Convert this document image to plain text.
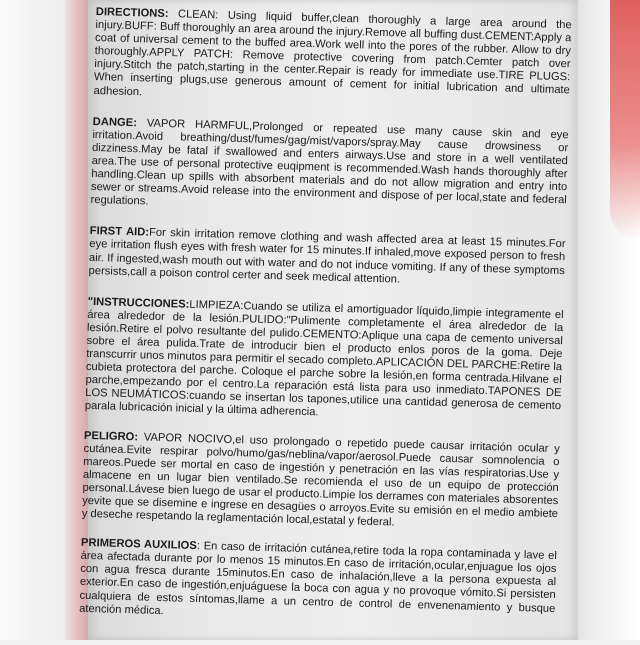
DIRECTIONS: CLEAN: Using liquid buffer,clean thoroughly a large area around the injury.BUFF: Buff thoroughly an area around the injury.Remove all buffing dust.CEMENT:Apply a coat of universal cement to the buffed area.Work well into the pores of the rubber. Allow to dry thoroughly.APPLY PATCH: Remove protective covering from patch.Cemter patch over injury.Stitch the patch,starting in the center.Repair is ready for immediate use.TIRE PLUGS: When inserting plugs,use generous amount of cement for initial lubrication and ultimate adhesion.

DANGE: VAPOR HARMFUL,Prolonged or repeated use many cause skin and eye irritation.Avoid breathing/dust/fumes/gag/mist/vapors/spray.May cause drowsiness or dizziness.May be fatal if swallowed and enters airways.Use and store in a well ventilated area.The use of personal protective euqipment is recommended.Wash hands thoroughly after handling.Clean up spills with absorbent materials and do not allow migration and entry into sewer or streams.Avoid release into the environment and dispose of per local,state and federal regulations.

FIRST AID:For skin irritation remove clothing and wash affected area at least 15 minutes.For eye irritation flush eyes with fresh water for 15 minutes.If inhaled,move exposed person to fresh air. If ingested,wash mouth out with water and do not induce vomiting. If any of these symptoms persists,call a poison control certer and seek medical attention.

"INSTRUCCIONES:LIMPIEZA:Cuando se utiliza el amortiguador líquido,limpie integramente el área alrededor de la lesión.PULIDO:"Pulimente completamente el área alrededor de la lesión.Retire el polvo resultante del pulido.CEMENTO:Aplique una capa de cemento universal sobre el área pulida.Trate de introducir bien el producto enlos poros de la goma. Deje transcurrir unos minutos para permitir el secado completo.APLICACIÓN DEL PARCHE:Retire la cubieta protectora del parche. Coloque el parche sobre la lesión,en forma centrada.Hilvane el parche,empezando por el centro.La reparación está lista para uso inmediato.TAPONES DE LOS NEUMÁTICOS:cuando se insertan los tapones,utilice una cantidad generosa de cemento parala lubricación inicial y la última adherencia.

PELIGRO: VAPOR NOCIVO,el uso prolongado o repetido puede causar irritación ocular y cutánea.Evite respirar polvo/humo/gas/neblina/vapor/aerosol.Puede causar somnolencia o mareos.Puede ser mortal en caso de ingestión y penetración en las vías respiratorias.Use y almacene en un lugar bien ventilado.Se recomienda el uso de un equipo de protección personal.Lávese bien luego de usar el producto.Limpie los derrames con materiales absorentes yevite que se disemine e ingrese en desagües o arroyos.Evite su emisión en el medio ambiete y deseche respetando la reglamentación local,estatal y federal.

PRIMEROS AUXILIOS: En caso de irritación cutánea,retire toda la ropa contaminada y lave el área afectada durante por lo menos 15 minutos.En caso de irritación,ocular,enjuague los ojos con agua fresca durante 15minutos.En caso de inhalación,lleve a la persona expuesta al exterior.En caso de ingestión,enjuáguese la boca con agua y no provoque vómito.Si persisten cualquiera de estos síntomas,llame a un centro de control de envenenamiento y busque atención médica.
